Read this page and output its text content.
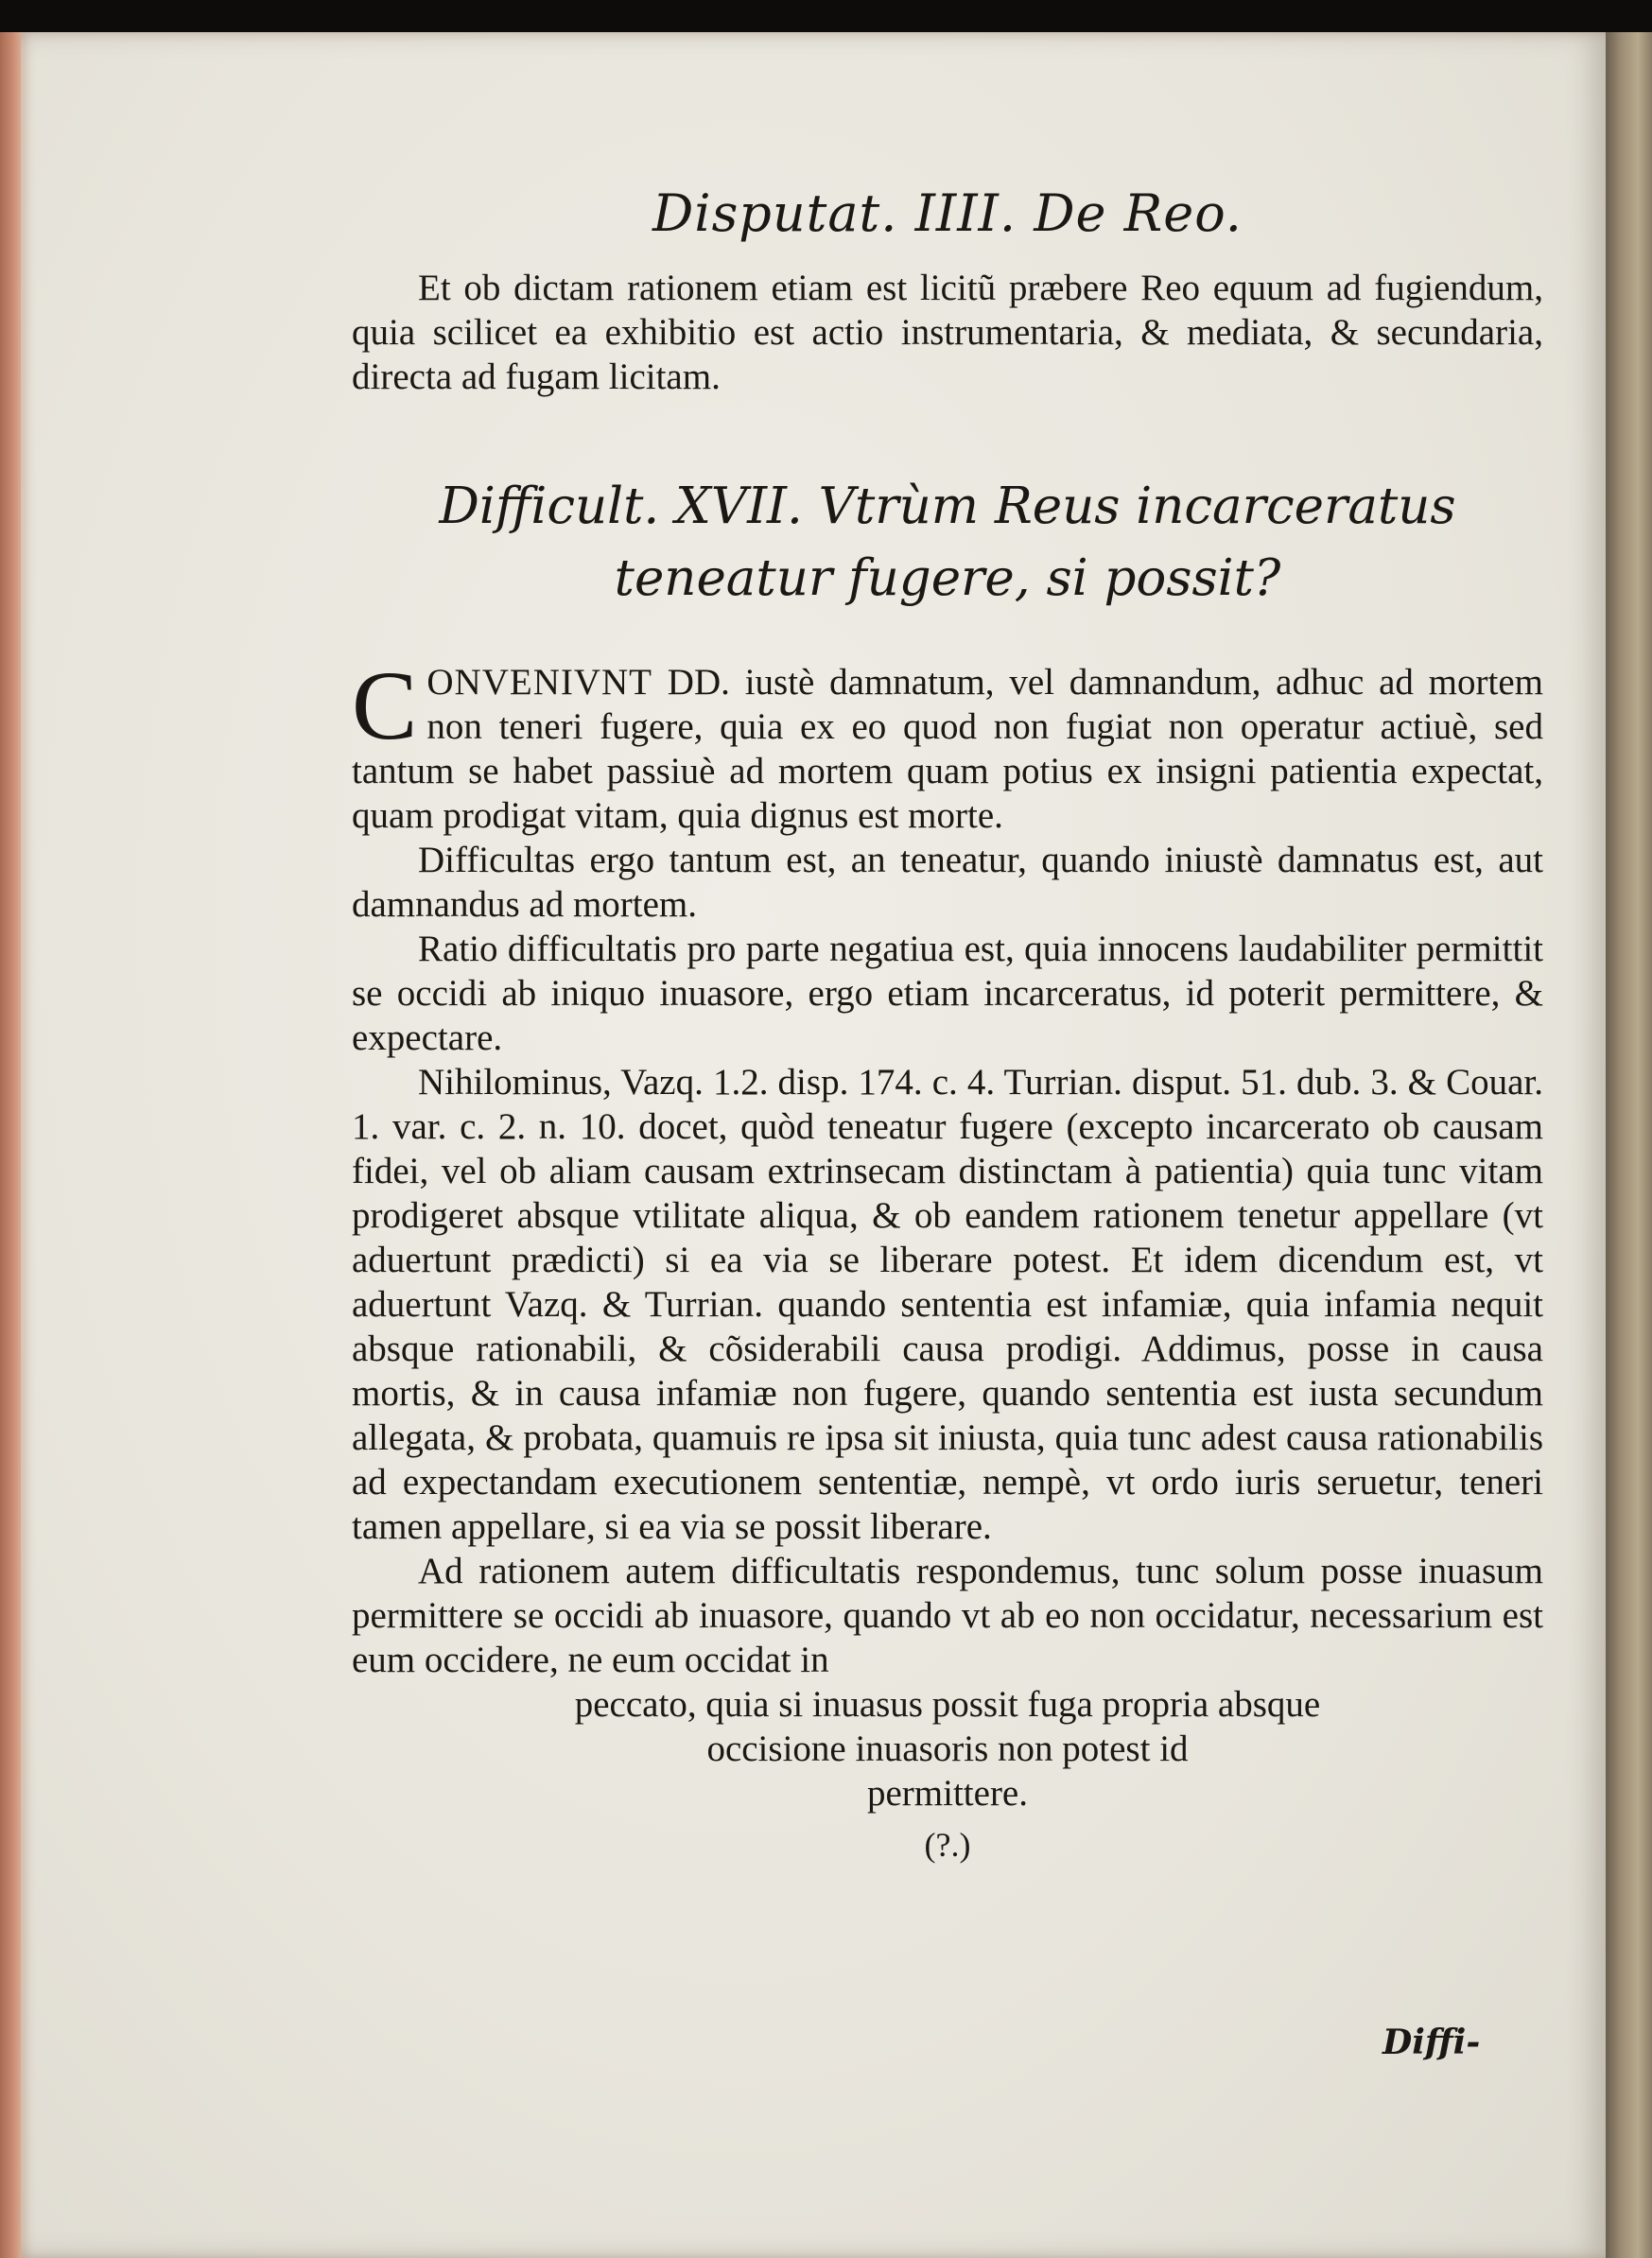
Disputat. IIII. De Reo.

Et ob dictam rationem etiam est licitũ præbere Reo equum ad fugiendum, quia scilicet ea exhibitio est actio instrumentaria, & mediata, & secundaria, directa ad fugam licitam.

Difficult. XVII. Vtrùm Reus incarceratus teneatur fugere, si possit?

CONVENIVNT DD. iustè damnatum, vel damnandum, adhuc ad mortem non teneri fugere, quia ex eo quod non fugiat non operatur actiuè, sed tantum se habet passiuè ad mortem quam potius ex insigni patientia expectat, quam prodigat vitam, quia dignus est morte.

Difficultas ergo tantum est, an teneatur, quando iniustè damnatus est, aut damnandus ad mortem.

Ratio difficultatis pro parte negatiua est, quia innocens laudabiliter permittit se occidi ab iniquo inuasore, ergo etiam incarceratus, id poterit permittere, & expectare.

Nihilominus, Vazq. 1.2. disp. 174. c. 4. Turrian. disput. 51. dub. 3. & Couar. 1. var. c. 2. n. 10. docet, quòd teneatur fugere (excepto incarcerato ob causam fidei, vel ob aliam causam extrinsecam distinctam à patientia) quia tunc vitam prodigeret absque vtilitate aliqua, & ob eandem rationem tenetur appellare (vt aduertunt prædicti) si ea via se liberare potest. Et idem dicendum est, vt aduertunt Vazq. & Turrian. quando sententia est infamiæ, quia infamia nequit absque rationabili, & cõsiderabili causa prodigi. Addimus, posse in causa mortis, & in causa infamiæ non fugere, quando sententia est iusta secundum allegata, & probata, quamuis re ipsa sit iniusta, quia tunc adest causa rationabilis ad expectandam executionem sententiæ, nempè, vt ordo iuris seruetur, teneri tamen appellare, si ea via se possit liberare.

Ad rationem autem difficultatis respondemus, tunc solum posse inuasum permittere se occidi ab inuasore, quando vt ab eo non occidatur, necessarium est eum occidere, ne eum occidat in

peccato, quia si inuasus possit fuga propria absque

occisione inuasoris non potest id

permittere.

(?.)

Diffi-
